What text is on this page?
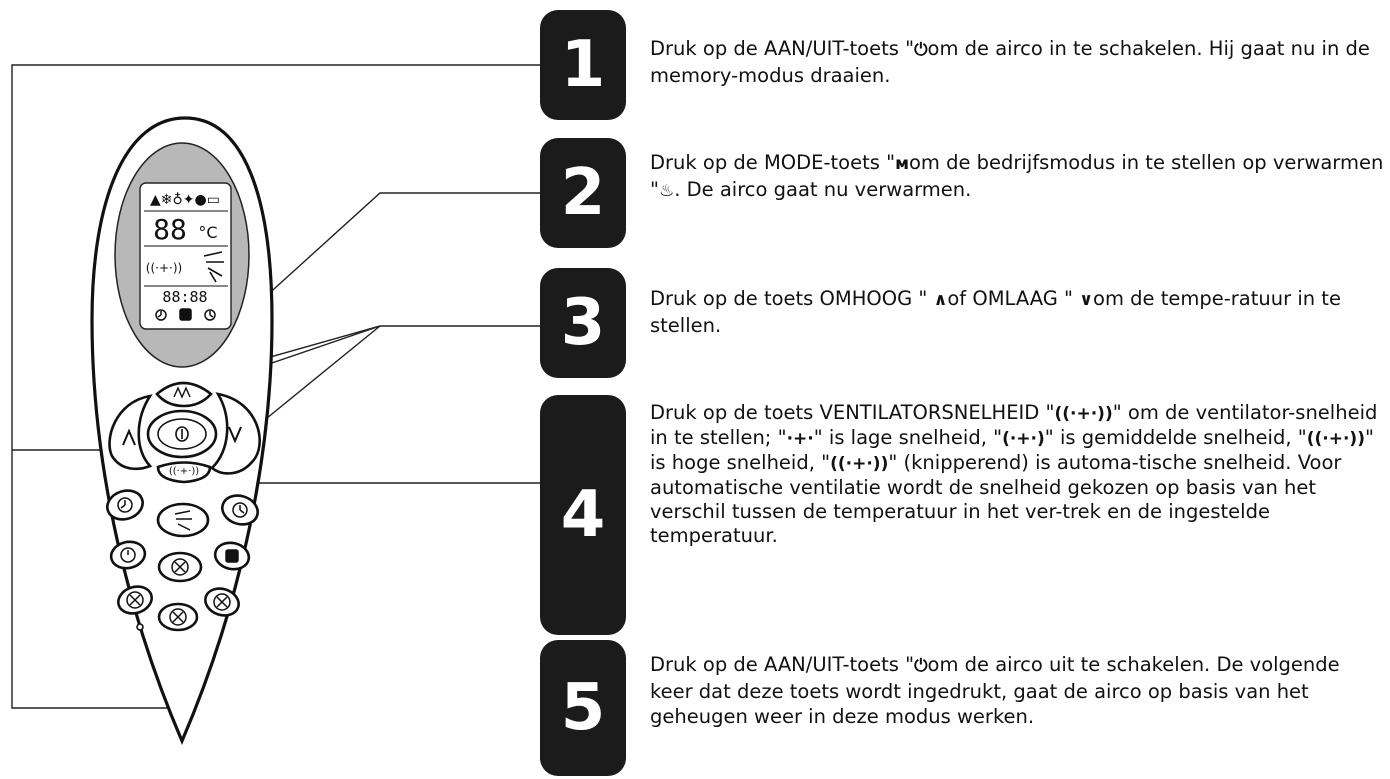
▲❄♁✦●▭
88 °C
((·+·))
88:88
((·+·))
1	Druk op de AAN/UIT-toets "⏻om de airco in te schakelen. Hij gaat nu in de memory-modus draaien.
2	Druk op de MODE-toets "ᴍom de bedrijfsmodus in te stellen op verwarmen "♨. De airco gaat nu verwarmen.
3	Druk op de toets OMHOOG " ∧of OMLAAG " ∨om de tempe-ratuur in te stellen.
4
Druk op de toets VENTILATORSNELHEID "((·+·))" om de ventilator-snelheid in te stellen; "·+·" is lage snelheid, "(·+·)" is gemiddelde snelheid, "((·+·))" is hoge snelheid, "((·+·))" (knipperend) is automa-tische snelheid. Voor automatische ventilatie wordt de snelheid gekozen op basis van het verschil tussen de temperatuur in het ver-trek en de ingestelde temperatuur.
5
Druk op de AAN/UIT-toets "⏻om de airco uit te schakelen. De volgende keer dat deze toets wordt ingedrukt, gaat de airco op basis van het geheugen weer in deze modus werken.
